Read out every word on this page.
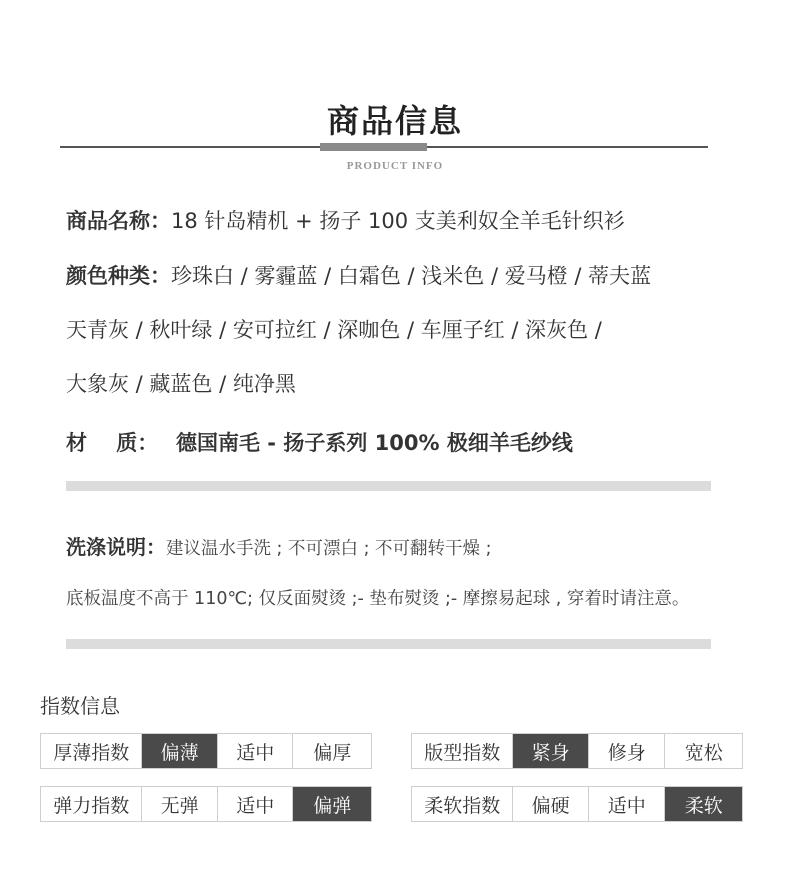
商品信息
PRODUCT INFO
商品名称：18 针岛精机 + 扬子 100 支美利奴全羊毛针织衫
颜色种类：珍珠白 / 雾霾蓝 / 白霜色 / 浅米色 / 爱马橙 / 蒂夫蓝
天青灰 / 秋叶绿 / 安可拉红 / 深咖色 / 车厘子红 / 深灰色 /
大象灰 / 藏蓝色 / 纯净黑
材    质： 德国南毛 - 扬子系列 100% 极细羊毛纱线
洗涤说明：建议温水手洗 ; 不可漂白 ; 不可翻转干燥 ;
底板温度不高于 110℃; 仅反面熨烫 ;- 垫布熨烫 ;- 摩擦易起球 , 穿着时请注意。
指数信息
厚薄指数	偏薄	适中	偏厚	版型指数	紧身	修身	宽松
弹力指数	无弹	适中	偏弹	柔软指数	偏硬	适中	柔软
